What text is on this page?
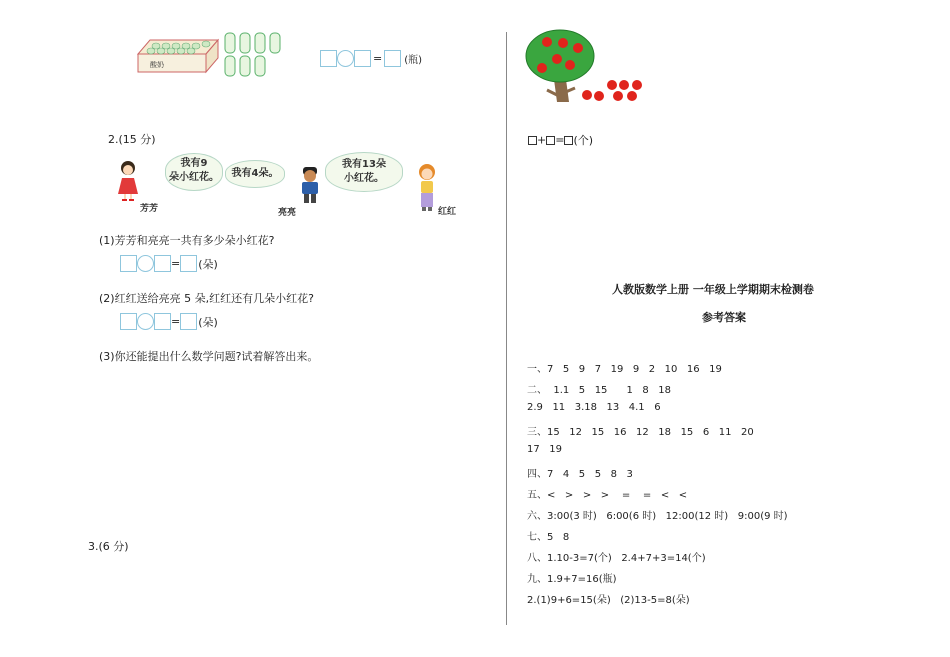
酸奶	= (瓶)
2.(15 分)
我有9
朵小红花。	我有4朵。
我有13朵
小红花。
芳芳	亮亮	红红
(1)芳芳和亮亮一共有多少朵小红花?
= (朵)
(2)红红送给亮亮 5 朵,红红还有几朵小红花?
= (朵)
(3)你还能提出什么数学问题?试着解答出来。
3.(6 分)
+ = (个)
人教版数学上册 一年级上学期期末检测卷
参考答案
一、7   5   9   7   19   9   2   10   16   19
二、  1.1   5   15      1   8   18
2.9   11   3.18   13   4.1   6
三、15   12   15   16   12   18   15   6   11   20
17   19
四、7   4   5   5   8   3
五、<   >   >   >    =    =   <   <
六、3:00(3 时)   6:00(6 时)   12:00(12 时)   9:00(9 时)
七、5   8
八、1.10-3=7(个)   2.4+7+3=14(个)
九、1.9+7=16(瓶)
2.(1)9+6=15(朵)   (2)13-5=8(朵)
